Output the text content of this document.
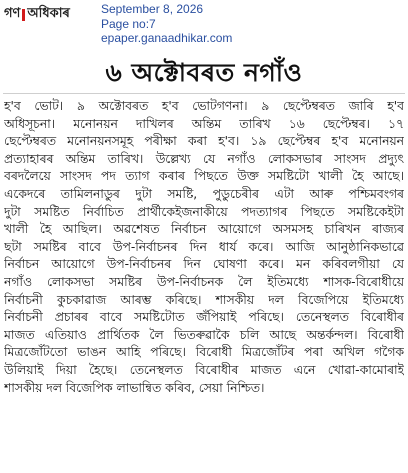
গণ অধিকাৰ	September 8, 2026
Page no:7
epaper.ganaadhikar.com
৬ অক্টোবৰত নগাঁও
হ'ব ভোট। ৯ অক্টোবৰত হ'ব ভোটগণনা। ৯ ছেপ্টেম্বৰত জাৰি হ'ব
অধিসূচনা। মনোনয়ন দাখিলৰ অন্তিম তাৰিখ ১৬ ছেপ্টেম্বৰ। ১৭
ছেপ্টেম্বৰত মনোনয়নসমূহ পৰীক্ষা কৰা হ'ব। ১৯ ছেপ্টেম্বৰ হ'ব মনোনয়ন
প্ৰত্যাহাৰৰ অন্তিম তাৰিখ। উল্লেখ্য যে নগাঁও লোকসভাৰ সাংসদ প্ৰদ্যুৎ
বৰদলৈয়ে সাংসদ পদ ত্যাগ কৰাৰ পিছতে উক্ত সমষ্টিটো খালী হৈ আছে।
একেদৰে তামিলনাডুৰ দুটা সমষ্টি, পুডুচেৰীৰ এটা আৰু পশ্চিমবংগৰ
দুটা সমষ্টিত নিৰ্বাচিত প্ৰাৰ্থীকেইজনাকীয়ে পদত্যাগৰ পিছতে সমষ্টিকেইটা
খালী হৈ আছিল। অৱশেষত নিৰ্বাচন আয়োগে অসমসহ চাৰিখন ৰাজ্যৰ
ছটা সমষ্টিৰ বাবে উপ-নিৰ্বাচনৰ দিন ধাৰ্য কৰে। আজি আনুষ্ঠানিকভাৱে
নিৰ্বাচন আয়োগে উপ-নিৰ্বাচনৰ দিন ঘোষণা কৰে। মন কৰিবলগীয়া যে
নগাঁও লোকসভা সমষ্টিৰ উপ-নিৰ্বাচনক লৈ ইতিমধ্যে শাসক-বিৰোধীয়ে
নিৰ্বাচনী কুচকাৱাজ আৰম্ভ কৰিছে। শাসকীয় দল বিজেপিয়ে ইতিমধ্যে
নিৰ্বাচনী প্ৰচাৰৰ বাবে সমষ্টিটোত জঁপিয়াই পৰিছে। তেনেস্থলত বিৰোধীৰ
মাজত এতিয়াও প্ৰাৰ্থিতক লৈ ভিতৰুৱাকৈ চলি আছে অন্তৰ্কন্দল। বিৰোধী
মিত্ৰজোঁটতো ভাঙন আহি পৰিছে। বিৰোধী মিত্ৰজোঁটৰ পৰা অখিল গগৈক
উলিয়াই দিয়া হৈছে। তেনেস্থলত বিৰোধীৰ মাজত এনে খোৱা-কামোৰাই
শাসকীয় দল বিজেপিক লাভান্বিত কৰিব, সেয়া নিশ্চিত।
